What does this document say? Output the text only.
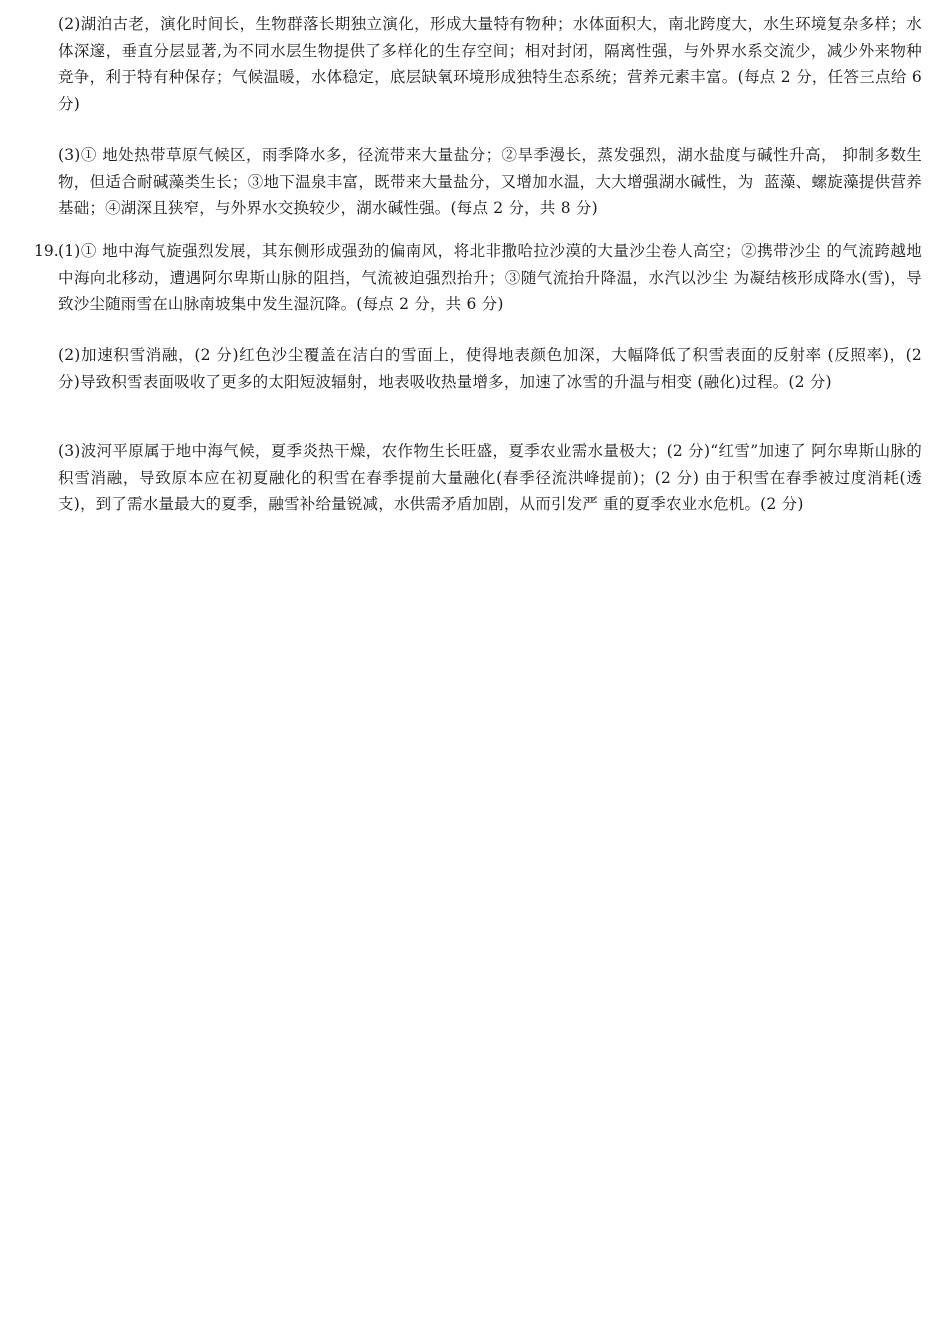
(2)湖泊古老，演化时间长，生物群落长期独立演化，形成大量特有物种；水体面积大，南北跨度大，水生环境复杂多样；水体深邃，垂直分层显著,为不同水层生物提供了多样化的生存空间；相对封闭，隔离性强，与外界水系交流少，减少外来物种竞争，利于特有种保存；气候温暖，水体稳定，底层缺氧环境形成独特生态系统；营养元素丰富。(每点 2 分，任答三点给 6 分)
(3)① 地处热带草原气候区，雨季降水多，径流带来大量盐分；②旱季漫长，蒸发强烈，湖水盐度与碱性升高， 抑制多数生物，但适合耐碱藻类生长；③地下温泉丰富，既带来大量盐分，又增加水温，大大增强湖水碱性，为  蓝藻、螺旋藻提供营养基础；④湖深且狭窄，与外界水交换较少，湖水碱性强。(每点 2 分，共 8 分)
19. (1)① 地中海气旋强烈发展，其东侧形成强劲的偏南风，将北非撒哈拉沙漠的大量沙尘卷人高空；②携带沙尘 的气流跨越地中海向北移动，遭遇阿尔卑斯山脉的阻挡，气流被迫强烈抬升；③随气流抬升降温，水汽以沙尘 为凝结核形成降水(雪)，导致沙尘随雨雪在山脉南坡集中发生湿沉降。(每点 2 分，共 6 分)
(2)加速积雪消融，(2 分)红色沙尘覆盖在洁白的雪面上，使得地表颜色加深，大幅降低了积雪表面的反射率 (反照率)，(2 分)导致积雪表面吸收了更多的太阳短波辐射，地表吸收热量增多，加速了冰雪的升温与相变 (融化)过程。(2 分)
(3)波河平原属于地中海气候，夏季炎热干燥，农作物生长旺盛，夏季农业需水量极大；(2 分)“红雪”加速了 阿尔卑斯山脉的积雪消融，导致原本应在初夏融化的积雪在春季提前大量融化(春季径流洪峰提前)；(2 分) 由于积雪在春季被过度消耗(透支)，到了需水量最大的夏季，融雪补给量锐减，水供需矛盾加剧，从而引发严 重的夏季农业水危机。(2 分)
